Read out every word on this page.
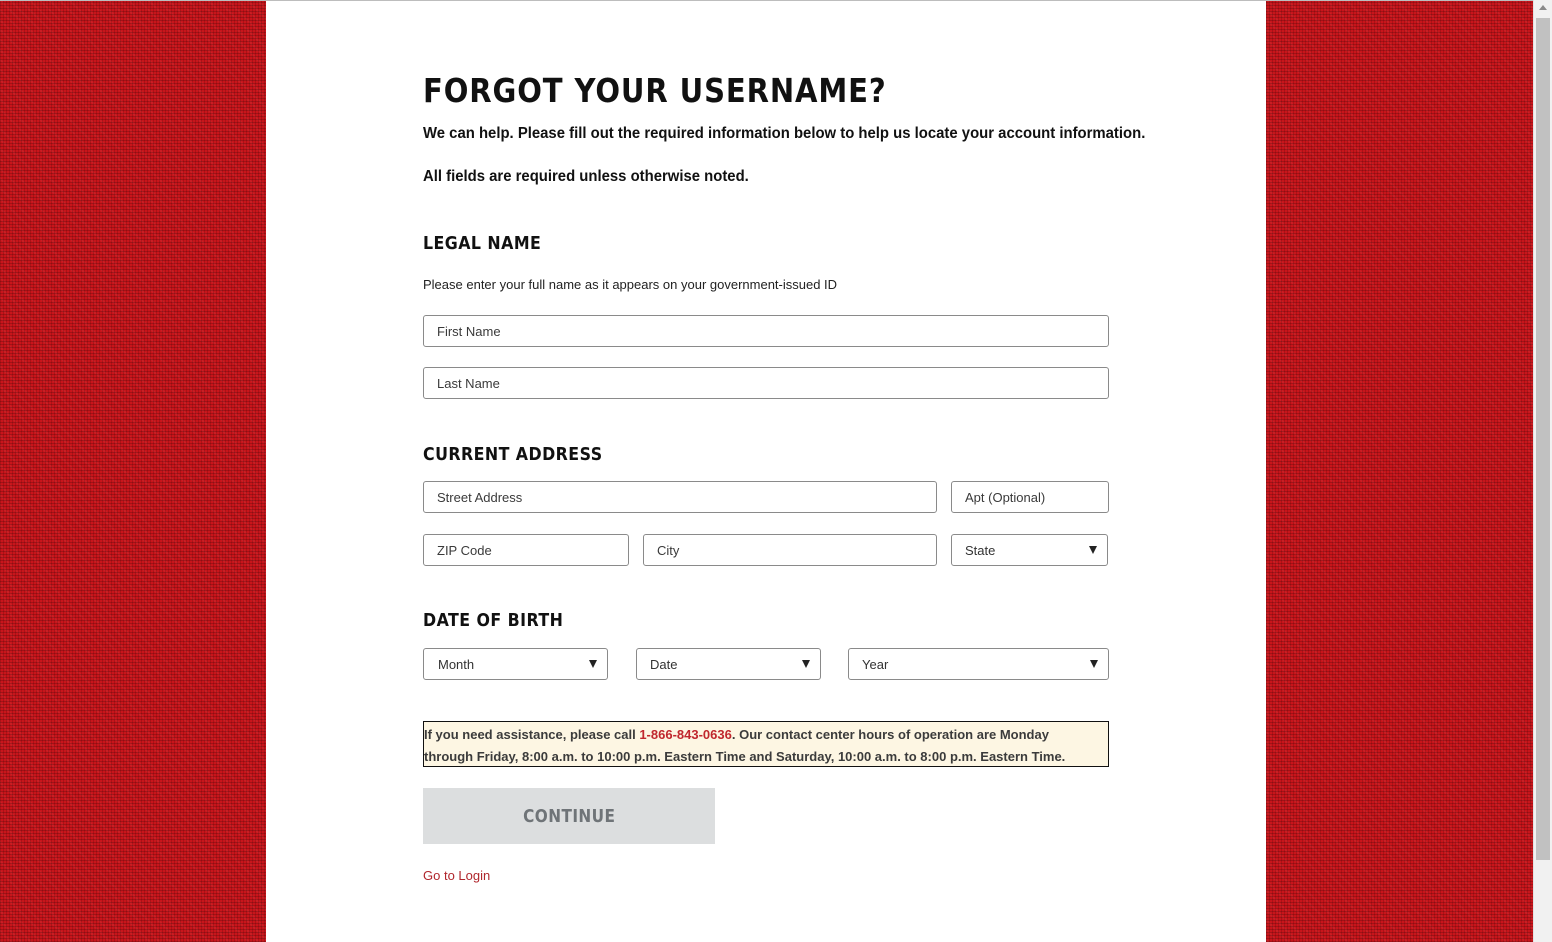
FORGOT YOUR USERNAME?

We can help. Please fill out the required information below to help us locate your account information.

All fields are required unless otherwise noted.

LEGAL NAME

Please enter your full name as it appears on your government-issued ID

First Name
Last Name
CURRENT ADDRESS
Street Address
Apt (Optional)
ZIP Code
City
State
DATE OF BIRTH
Month	Date	Year
If you need assistance, please call 1-866-843-0636. Our contact center hours of operation are Monday through Friday, 8:00 a.m. to 10:00 p.m. Eastern Time and Saturday, 10:00 a.m. to 8:00 p.m. Eastern Time.
CONTINUE
Go to Login
